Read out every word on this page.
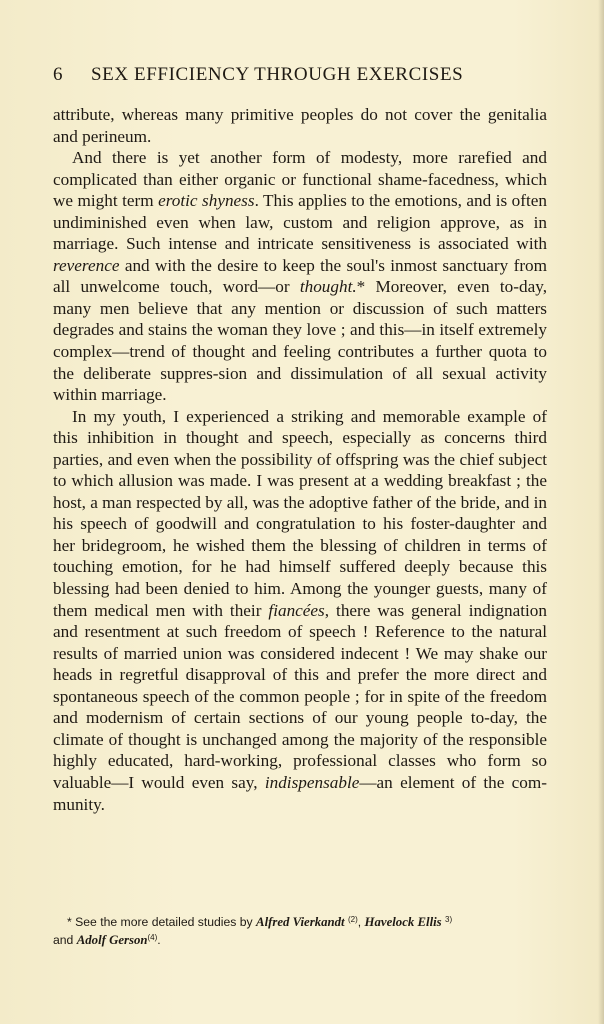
6 SEX EFFICIENCY THROUGH EXERCISES

attribute, whereas many primitive peoples do not cover the genitalia and perineum.

And there is yet another form of modesty, more rarefied and complicated than either organic or functional shame-facedness, which we might term erotic shyness. This applies to the emotions, and is often undiminished even when law, custom and religion approve, as in marriage. Such intense and intricate sensitiveness is associated with reverence and with the desire to keep the soul's inmost sanctuary from all unwelcome touch, word—or thought.* Moreover, even to-day, many men believe that any mention or discussion of such matters degrades and stains the woman they love ; and this—in itself extremely complex—trend of thought and feeling contributes a further quota to the deliberate suppres-sion and dissimulation of all sexual activity within marriage.

In my youth, I experienced a striking and memorable example of this inhibition in thought and speech, especially as concerns third parties, and even when the possibility of offspring was the chief subject to which allusion was made. I was present at a wedding breakfast ; the host, a man respected by all, was the adoptive father of the bride, and in his speech of goodwill and congratulation to his foster-daughter and her bridegroom, he wished them the blessing of children in terms of touching emotion, for he had himself suffered deeply because this blessing had been denied to him. Among the younger guests, many of them medical men with their fiancées, there was general indignation and resentment at such freedom of speech ! Reference to the natural results of married union was considered indecent ! We may shake our heads in regretful disapproval of this and prefer the more direct and spontaneous speech of the common people ; for in spite of the freedom and modernism of certain sections of our young people to-day, the climate of thought is unchanged among the majority of the responsible highly educated, hard-working, professional classes who form so valuable—I would even say, indispensable—an element of the com-munity.

* See the more detailed studies by Alfred Vierkandt $^{(2)}$, Havelock Ellis $^{3)}$
and Adolf Gerson$^{(4)}$.
